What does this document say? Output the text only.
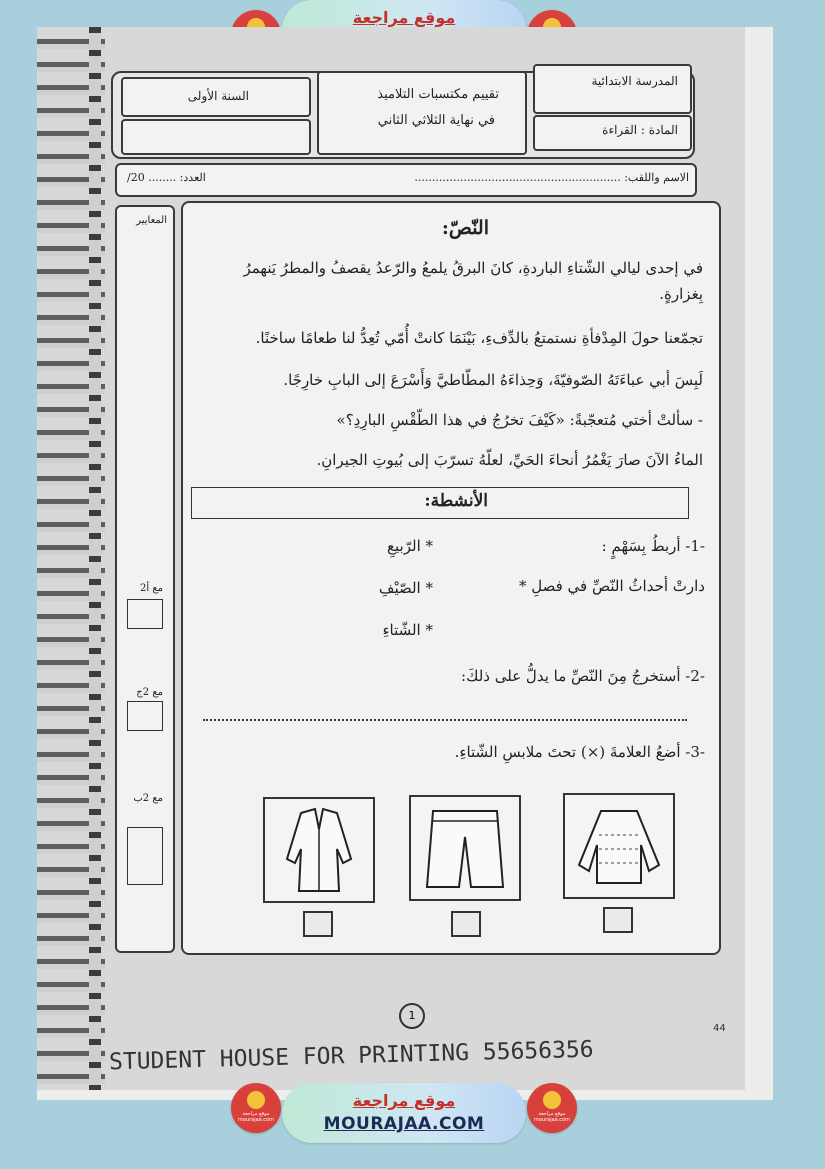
موقع مراجعة
المدرسة الابتدائية
المادة : القراءة
تقييم مكتسبات التلاميذ
في نهاية الثلاثي الثاني
السنة الأولى
الاسم واللقب: ...........................................................
العدد: ........ 20/
المعايير
مع أ2
مع 2ج
مع 2ب
النّصّ:
في إحدى ليالي الشّتاءِ الباردةِ، كانَ البرقُ يلمعُ والرّعدُ يقصفُ والمطرُ يَنهمرُ بِغزارةٍ.
تجمّعنا حولَ المِدْفأةِ نستمتعُ بالدِّفءِ، بَيْنَمَا كانتْ أُمّي تُعِدُّ لنا طعامًا ساخنًا.
لَبِسَ أبي عباءَتَهُ الصّوفيّةَ، وَحِذاءَهُ المطّاطيَّ وَأَسْرَعَ إلى البابِ خارِجًا.
- سألتْ أختي مُتعجّبةً: «كَيْفَ تخرُجُ في هذا الطّقْسِ البارِدِ؟»
الماءُ الآنَ صارَ يَغْمُرُ أنحاءَ الحَيِّ، لعلّهُ تسرّبَ إلى بُيوتِ الجيرانِ.
الأنشطة:
-1- أربطُ بِسَهْمٍ :
* الرّبيعِ
دارتْ أحداثُ النّصِّ في فصلِ *
* الصّيْفِ
* الشّتاءِ
-2- أستخرجُ مِنَ النّصِّ ما يدلُّ على ذلكَ:
-3- أضعُ العلامةَ (×) تحتَ ملابسِ الشّتاءِ.
1
44
STUDENT HOUSE FOR PRINTING 55656356
موقع مراجعة mourajaa.com
موقع مراجعة
MOURAJAA.COM	موقع مراجعة mourajaa.com
